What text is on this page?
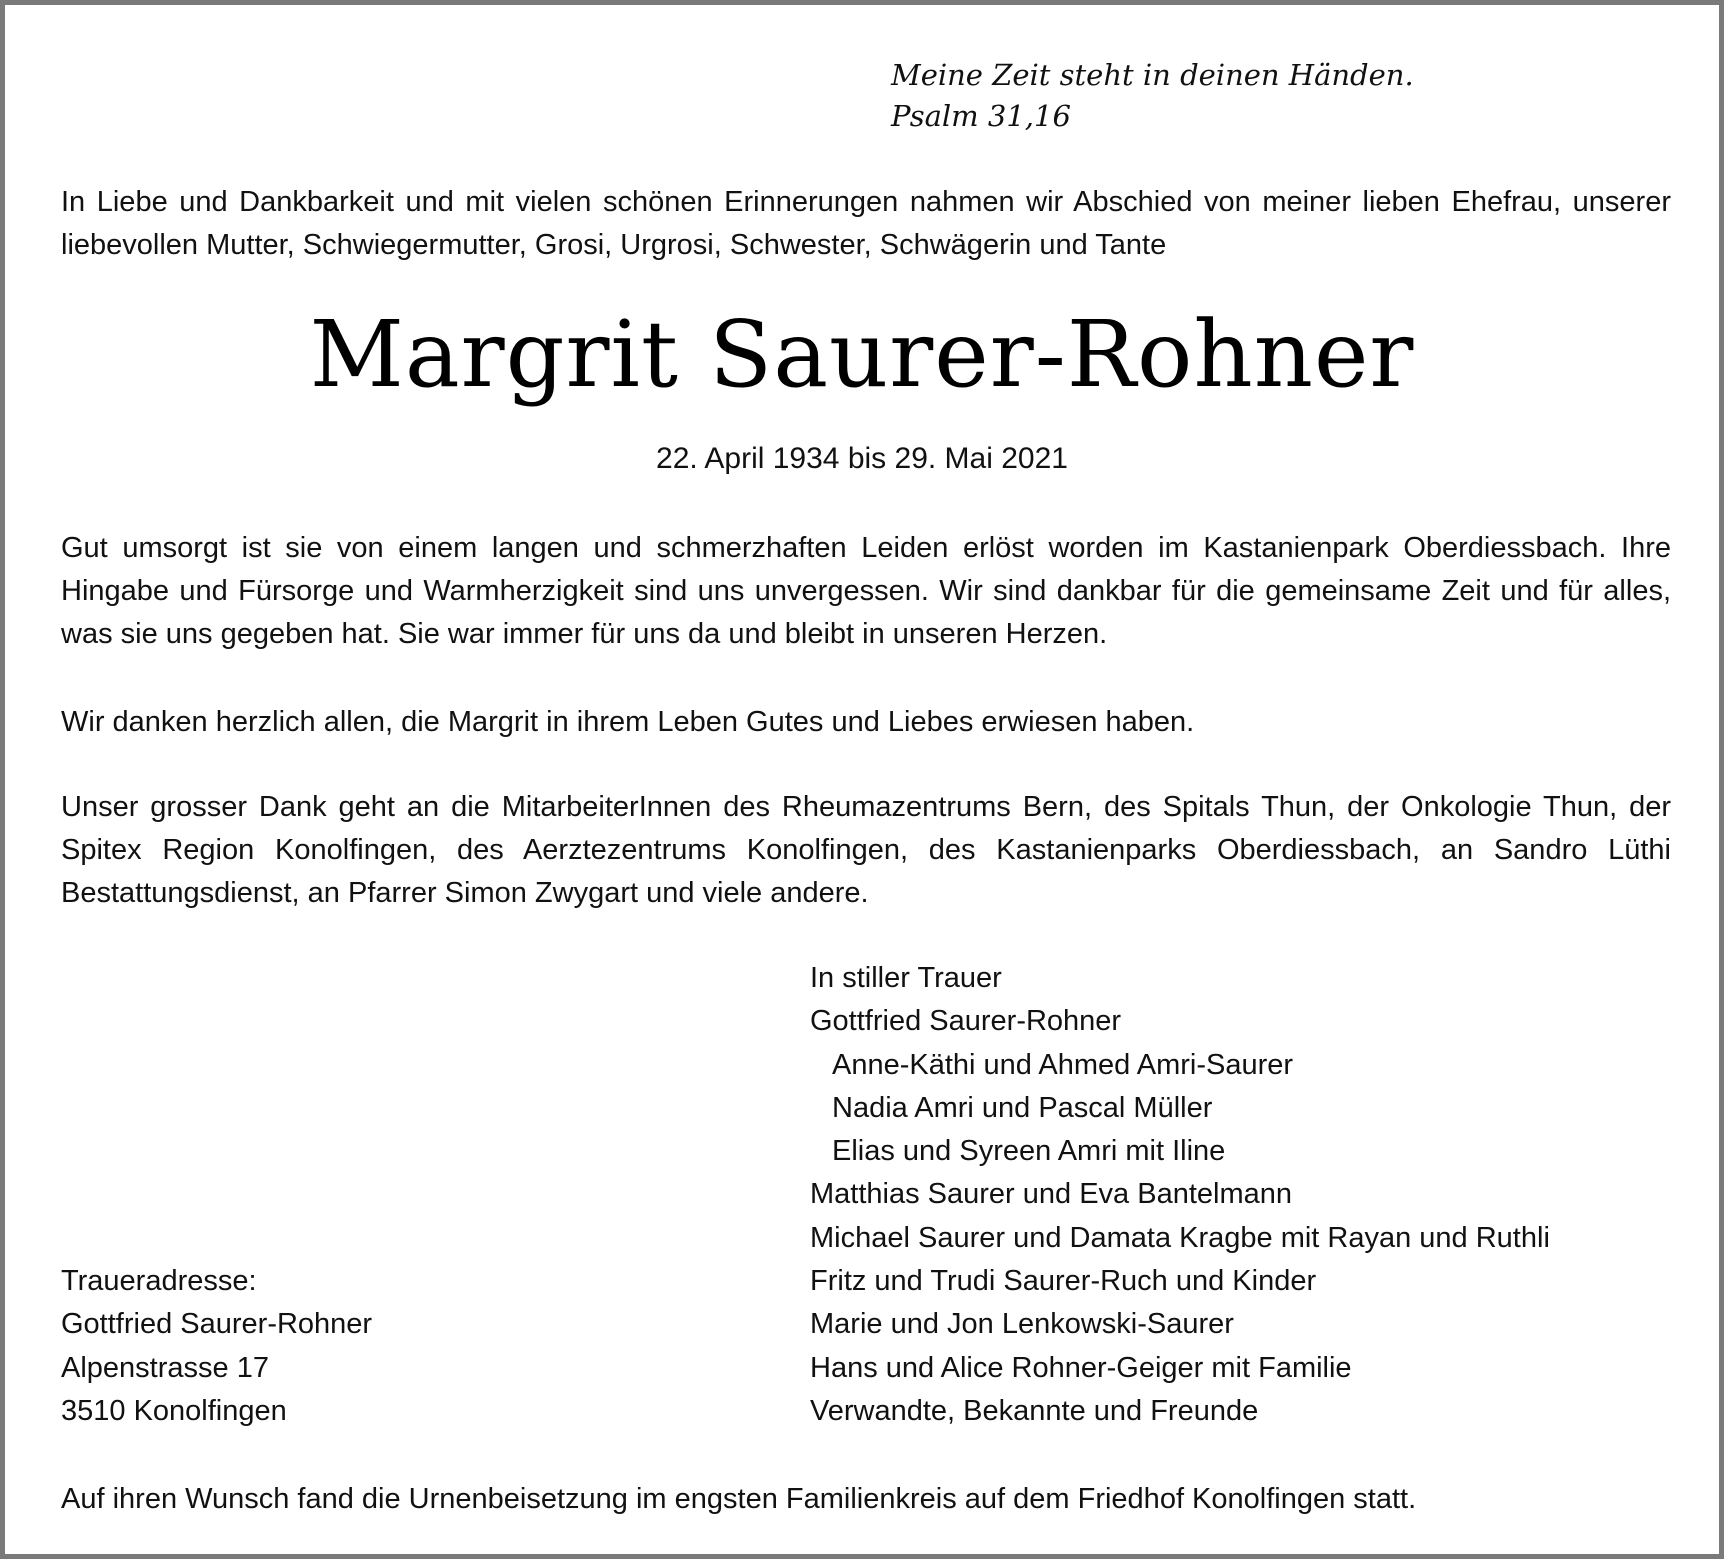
Meine Zeit steht in deinen Händen.
Psalm 31,16
In Liebe und Dankbarkeit und mit vielen schönen Erinnerungen nahmen wir Abschied von meiner lieben Ehefrau, unserer liebevollen Mutter, Schwiegermutter, Grosi, Urgrosi, Schwester, Schwägerin und Tante
Margrit Saurer-Rohner
22. April 1934 bis 29. Mai 2021
Gut umsorgt ist sie von einem langen und schmerzhaften Leiden erlöst worden im Kastanienpark Oberdiessbach. Ihre Hingabe und Fürsorge und Warmherzigkeit sind uns unvergessen. Wir sind dankbar für die gemeinsame Zeit und für alles, was sie uns gegeben hat. Sie war immer für uns da und bleibt in unseren Herzen.
Wir danken herzlich allen, die Margrit in ihrem Leben Gutes und Liebes erwiesen haben.
Unser grosser Dank geht an die MitarbeiterInnen des Rheumazentrums Bern, des Spitals Thun, der Onkologie Thun, der Spitex Region Konolfingen, des Aerztezentrums Konolfingen, des Kastanienparks Oberdiessbach, an Sandro Lüthi Bestattungsdienst, an Pfarrer Simon Zwygart und viele andere.
In stiller Trauer
Gottfried Saurer-Rohner
Anne-Käthi und Ahmed Amri-Saurer
Nadia Amri und Pascal Müller
Elias und Syreen Amri mit Iline
Matthias Saurer und Eva Bantelmann
Michael Saurer und Damata Kragbe mit Rayan und Ruthli
Fritz und Trudi Saurer-Ruch und Kinder
Marie und Jon Lenkowski-Saurer
Hans und Alice Rohner-Geiger mit Familie
Verwandte, Bekannte und Freunde
Traueradresse:
Gottfried Saurer-Rohner
Alpenstrasse 17
3510 Konolfingen
Auf ihren Wunsch fand die Urnenbeisetzung im engsten Familienkreis auf dem Friedhof Konolfingen statt.
